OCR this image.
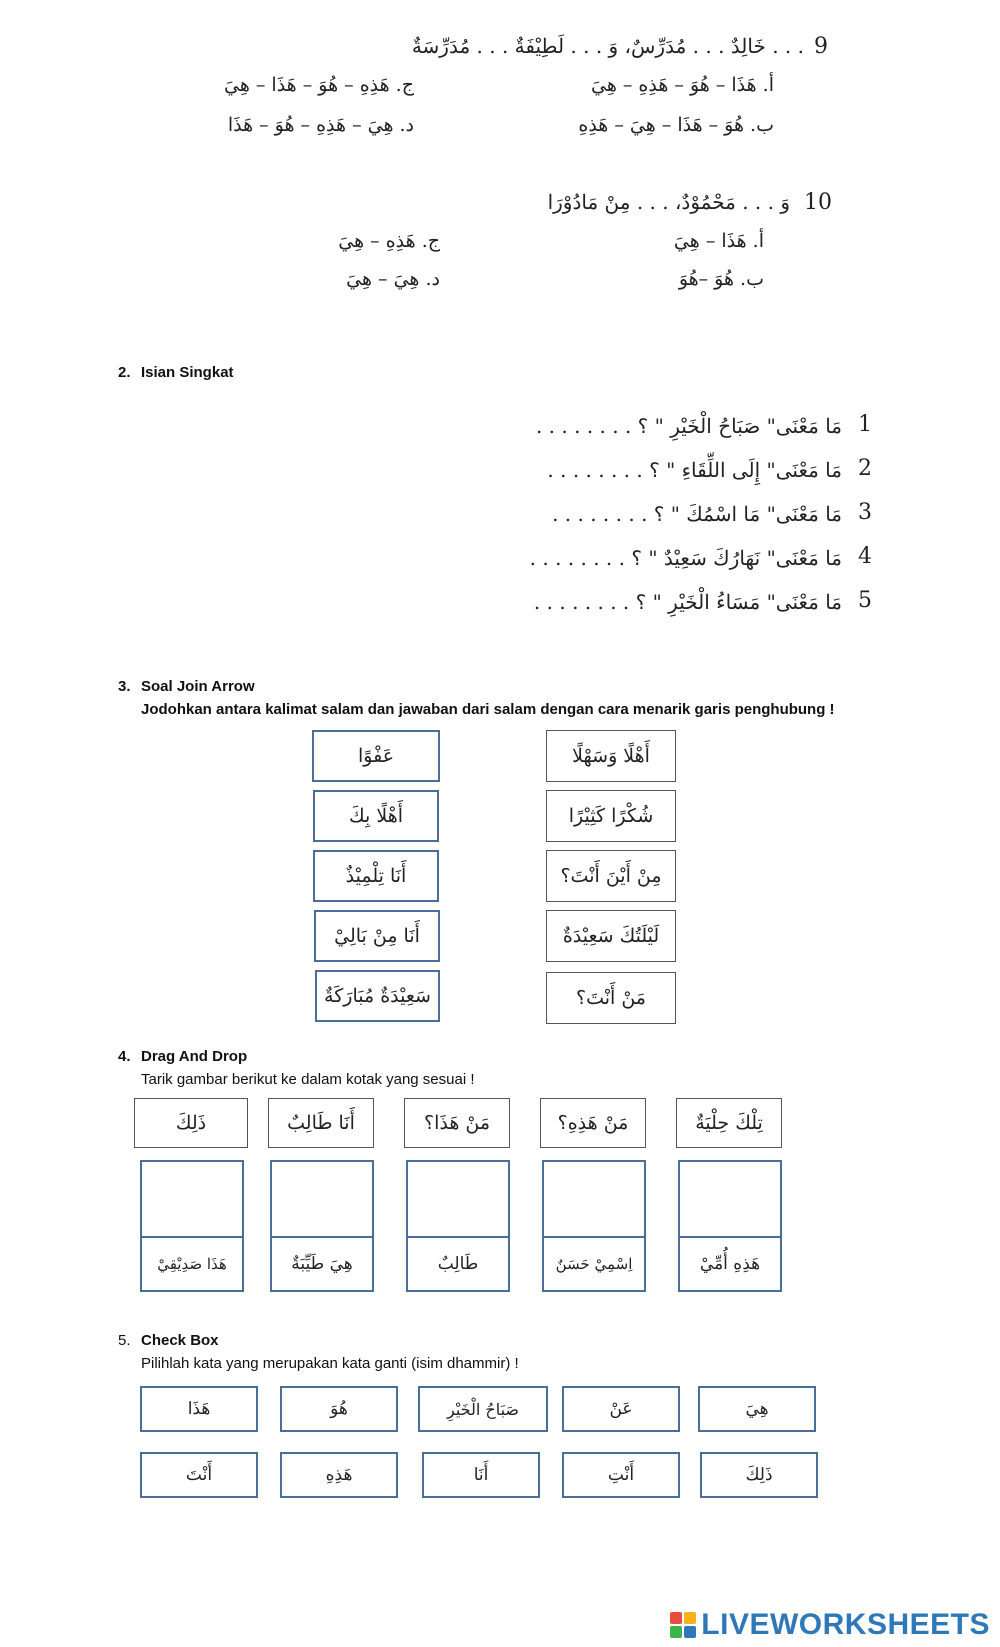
9
. . . خَالِدٌ . . . مُدَرِّسٌ، وَ . . . لَطِيْفَةٌ . . . مُدَرِّسَةٌ
أ. هَذَا – هُوَ – هَذِهِ – هِيَ
ب. هُوَ – هَذَا – هِيَ – هَذِهِ
ج. هَذِهِ – هُوَ – هَذَا – هِيَ
د. هِيَ – هَذِهِ – هُوَ – هَذَا
10
وَ . . . مَحْمُوْدٌ، . . . مِنْ مَادُوْرَا
أ. هَذَا – هِيَ
ب. هُوَ –هُوَ
ج. هَذِهِ – هِيَ
د. هِيَ – هِيَ
2. Isian Singkat
1
مَا مَعْنَى" صَبَاحُ الْخَيْرِ " ؟ . . . . . . . .
2
مَا مَعْنَى" إِلَى اللِّقَاءِ " ؟ . . . . . . . .
3
مَا مَعْنَى" مَا اسْمُكَ " ؟ . . . . . . . .
4
مَا مَعْنَى" نَهَارُكَ سَعِيْدٌ " ؟ . . . . . . . .
5
مَا مَعْنَى" مَسَاءُ الْخَيْرِ " ؟ . . . . . . . .
3. Soal Join Arrow
Jodohkan antara kalimat salam dan jawaban dari salam dengan cara menarik garis penghubung !
عَفْوًا
أَهْلًا بِكَ
أَنَا تِلْمِيْذٌ
أَنَا مِنْ بَالِيْ
سَعِيْدَةٌ مُبَارَكَةٌ
أَهْلًا وَسَهْلًا
شُكْرًا كَثِيْرًا
مِنْ أَيْنَ أَنْتَ؟
لَيْلَتُكَ سَعِيْدَةٌ
مَنْ أَنْتَ؟
4. Drag And Drop
Tarik gambar berikut ke dalam kotak yang sesuai !
ذَلِكَ	أَنَا طَالِبٌ	مَنْ هَذَا؟	مَنْ هَذِهِ؟	تِلْكَ حِلْيَةٌ
هَذَا صَدِيْقِيْ	هِيَ طَيِّبَةٌ	طَالِبٌ	اِسْمِيْ حَسَنٌ	هَذِهِ أُمِّيْ
5. Check Box
Pilihlah kata yang merupakan kata ganti (isim dhammir) !
هَذَا	هُوَ	صَبَاحُ الْخَيْرِ	عَنْ	هِيَ
أَنْتَ	هَذِهِ	أَنَا	أَنْتِ	ذَلِكَ
LIVEWORKSHEETS
